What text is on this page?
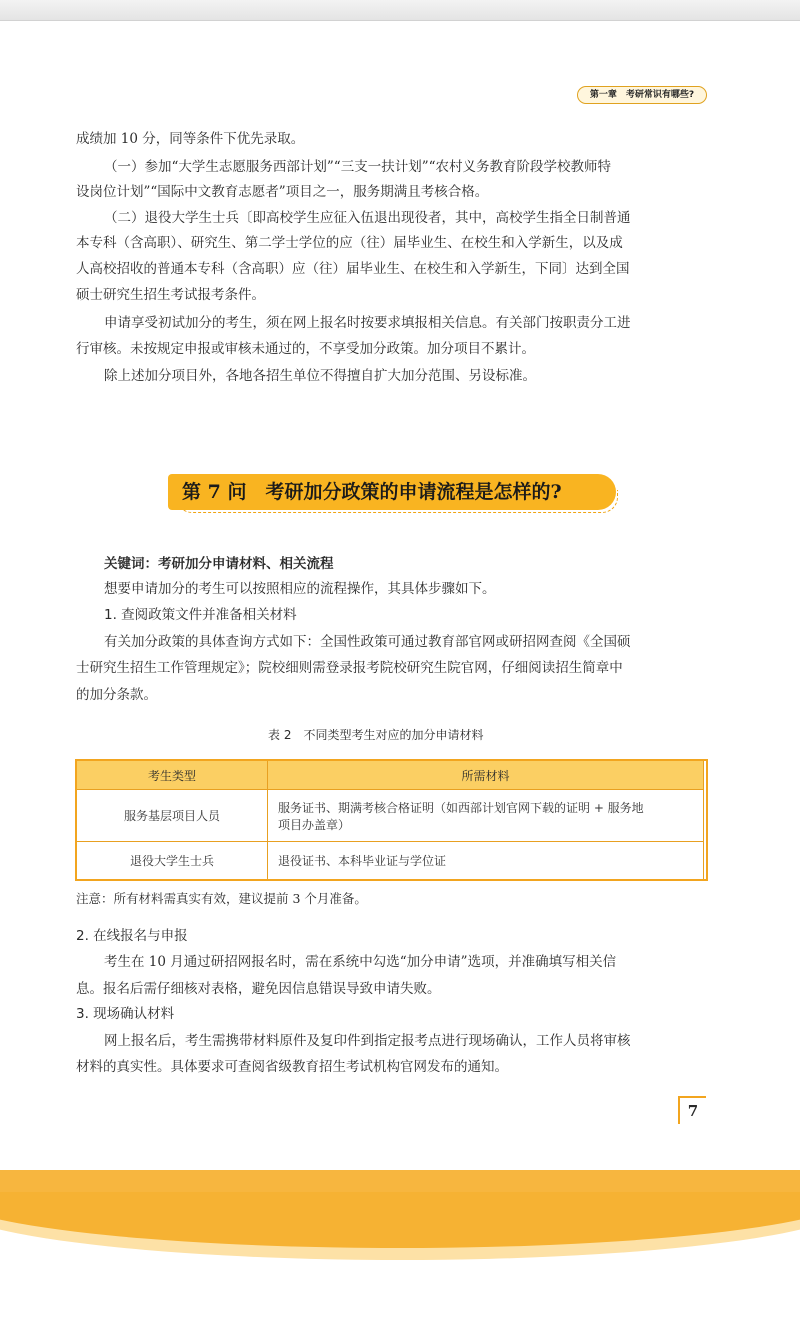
第一章　考研常识有哪些?
成绩加 10 分，同等条件下优先录取。
（一）参加“大学生志愿服务西部计划”“三支一扶计划”“农村义务教育阶段学校教师特
设岗位计划”“国际中文教育志愿者”项目之一，服务期满且考核合格。
（二）退役大学生士兵〔即高校学生应征入伍退出现役者，其中，高校学生指全日制普通
本专科（含高职）、研究生、第二学士学位的应（往）届毕业生、在校生和入学新生，以及成
人高校招收的普通本专科（含高职）应（往）届毕业生、在校生和入学新生，下同〕达到全国
硕士研究生招生考试报考条件。
申请享受初试加分的考生，须在网上报名时按要求填报相关信息。有关部门按职责分工进
行审核。未按规定申报或审核未通过的，不享受加分政策。加分项目不累计。
除上述加分项目外，各地各招生单位不得擅自扩大加分范围、另设标准。
第 7 问　考研加分政策的申请流程是怎样的?
关键词：考研加分申请材料、相关流程
想要申请加分的考生可以按照相应的流程操作，其具体步骤如下。
1. 查阅政策文件并准备相关材料
有关加分政策的具体查询方式如下：全国性政策可通过教育部官网或研招网查阅《全国硕
士研究生招生工作管理规定》；院校细则需登录报考院校研究生院官网，仔细阅读招生简章中
的加分条款。
表 2　不同类型考生对应的加分申请材料
考生类型	所需材料
服务基层项目人员	服务证书、期满考核合格证明（如西部计划官网下载的证明 + 服务地
项目办盖章）

退役大学生士兵	退役证书、本科毕业证与学位证
注意：所有材料需真实有效，建议提前 3 个月准备。
2. 在线报名与申报
考生在 10 月通过研招网报名时，需在系统中勾选“加分申请”选项，并准确填写相关信
息。报名后需仔细核对表格，避免因信息错误导致申请失败。
3. 现场确认材料
网上报名后，考生需携带材料原件及复印件到指定报考点进行现场确认，工作人员将审核
材料的真实性。具体要求可查阅省级教育招生考试机构官网发布的通知。
7
